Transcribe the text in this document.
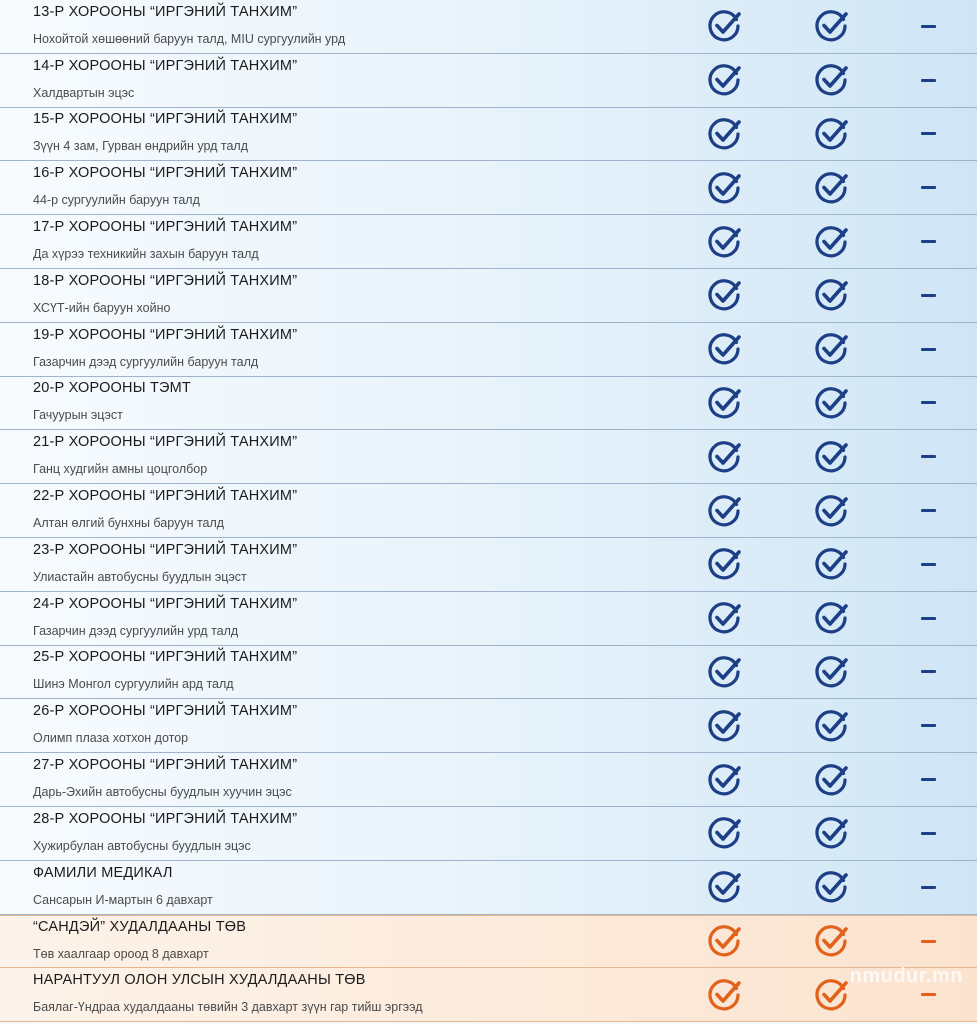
13-Р ХОРООНЫ “ИРГЭНИЙ ТАНХИМ”
Нохойтой хөшөөний баруун талд, MIU сургуулийн урд
14-Р ХОРООНЫ “ИРГЭНИЙ ТАНХИМ”
Халдвартын эцэс
15-Р ХОРООНЫ “ИРГЭНИЙ ТАНХИМ”
Зүүн 4 зам, Гурван өндрийн урд талд
16-Р ХОРООНЫ “ИРГЭНИЙ ТАНХИМ”
44-р сургуулийн баруун талд
17-Р ХОРООНЫ “ИРГЭНИЙ ТАНХИМ”
Да хүрээ техникийн захын баруун талд
18-Р ХОРООНЫ “ИРГЭНИЙ ТАНХИМ”
ХСҮТ-ийн баруун хойно
19-Р ХОРООНЫ “ИРГЭНИЙ ТАНХИМ”
Газарчин дээд сургуулийн баруун талд
20-Р ХОРООНЫ ТЭМТ
Гачуурын эцэст
21-Р ХОРООНЫ “ИРГЭНИЙ ТАНХИМ”
Ганц худгийн амны цоцголбор
22-Р ХОРООНЫ “ИРГЭНИЙ ТАНХИМ”
Алтан өлгий бунхны баруун талд
23-Р ХОРООНЫ “ИРГЭНИЙ ТАНХИМ”
Улиастайн автобусны буудлын эцэст
24-Р ХОРООНЫ “ИРГЭНИЙ ТАНХИМ”
Газарчин дээд сургуулийн урд талд
25-Р ХОРООНЫ “ИРГЭНИЙ ТАНХИМ”
Шинэ Монгол сургуулийн ард талд
26-Р ХОРООНЫ “ИРГЭНИЙ ТАНХИМ”
Олимп плаза хотхон дотор
27-Р ХОРООНЫ “ИРГЭНИЙ ТАНХИМ”
Дарь-Эхийн автобусны буудлын хуучин эцэс
28-Р ХОРООНЫ “ИРГЭНИЙ ТАНХИМ”
Хужирбулан автобусны буудлын эцэс
ФАМИЛИ МЕДИКАЛ
Сансарын И-мартын 6 давхарт
“САНДЭЙ” ХУДАЛДААНЫ ТӨВ
Төв хаалгаар ороод 8 давхарт
НАРАНТУУЛ ОЛОН УЛСЫН ХУДАЛДААНЫ ТӨВ
Баялаг-Үндраа худалдааны төвийн 3 давхарт зүүн гар тийш эргээд
nmudur.mn
